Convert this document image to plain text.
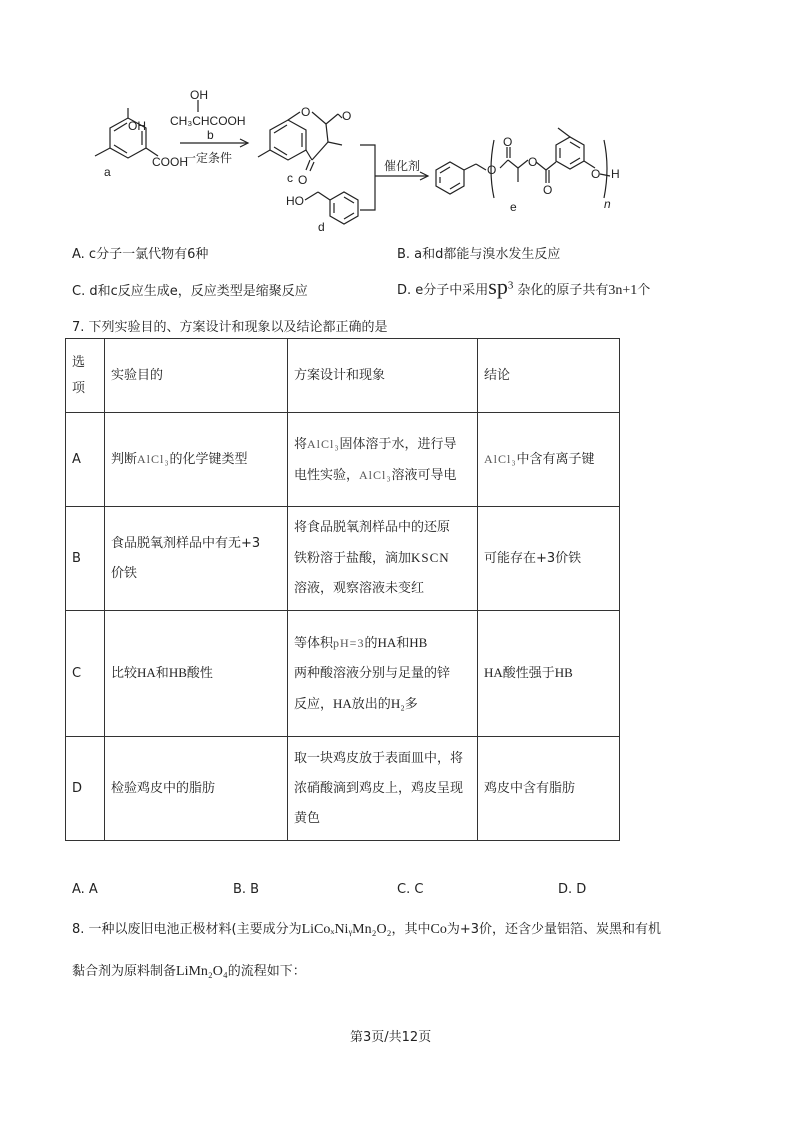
OH
COOH
a
OH
CH₃CHCOOH
b
一定条件
O	O
O
c
HO
d
催化剂	O
O
O
O
O H
n
e
A. c分子一氯代物有6种	B. a和d都能与溴水发生反应
C. d和c反应生成e，反应类型是缩聚反应	D. e分子中采用$sp^3$ 杂化的原子共有3n+1个
7. 下列实验目的、方案设计和现象以及结论都正确的是
选
项	实验目的	方案设计和现象	结论
A	判断AlCl₃的化学键类型	将AlCl₃固体溶于水，进行导
电性实验，AlCl₃溶液可导电	AlCl₃中含有离子键
B	食品脱氧剂样品中有无+3
价铁	将食品脱氧剂样品中的还原
铁粉溶于盐酸，滴加KSCN
溶液，观察溶液未变红	可能存在+3价铁
C	比较HA和HB酸性	等体积pH=3的HA和HB
两种酸溶液分别与足量的锌
反应，HA放出的H₂多	HA酸性强于HB
D	检验鸡皮中的脂肪	取一块鸡皮放于表面皿中，将
浓硝酸滴到鸡皮上，鸡皮呈现
黄色	鸡皮中含有脂肪
A. A	B. B	C. C	D. D
8. 一种以废旧电池正极材料(主要成分为LiCoₓNiᵧMn₂O₂，其中Co为+3价，还含少量铝箔、炭黑和有机
黏合剂为原料制备LiMn₂O₄的流程如下：
第3页/共12页
